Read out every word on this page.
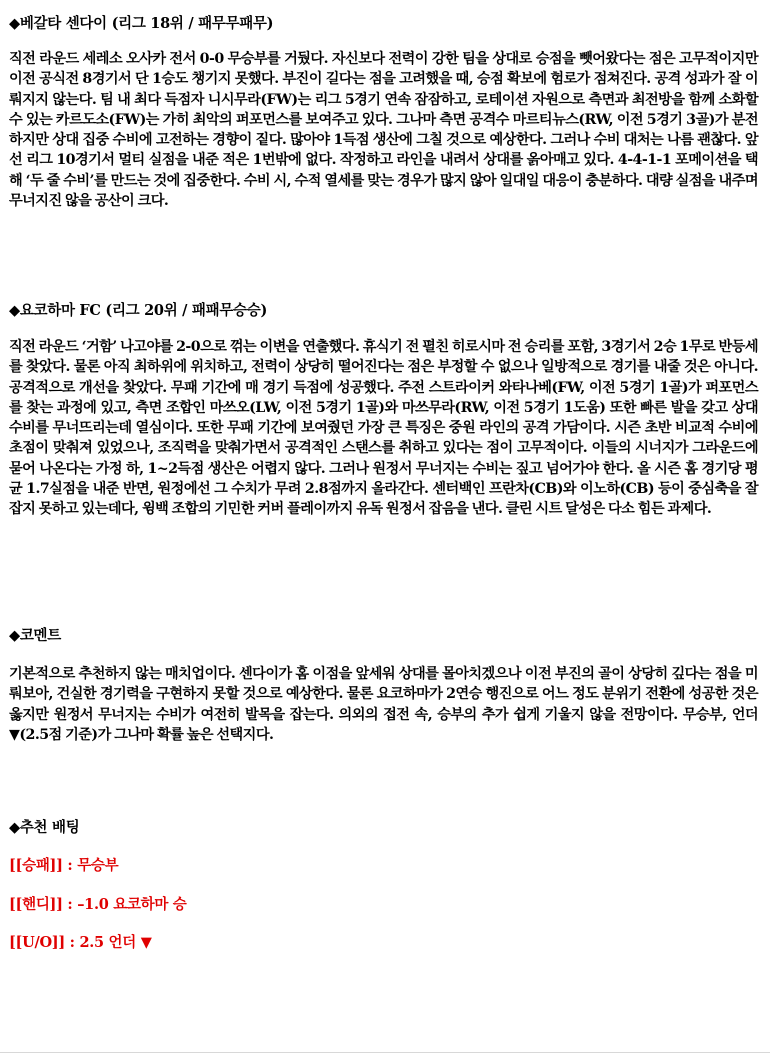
◆베갈타 센다이 (리그 18위 / 패무무패무)
직전 라운드 세레소 오사카 전서 0-0 무승부를 거뒀다. 자신보다 전력이 강한 팀을 상대로 승점을 뺏어왔다는 점은 고무적이지만 이전 공식전 8경기서 단 1승도 챙기지 못했다. 부진이 길다는 점을 고려했을 때, 승점 확보에 험로가 점쳐진다. 공격 성과가 잘 이뤄지지 않는다. 팀 내 최다 득점자 니시무라(FW)는 리그 5경기 연속 잠잠하고, 로테이션 자원으로 측면과 최전방을 함께 소화할 수 있는 카르도소(FW)는 가히 최악의 퍼포먼스를 보여주고 있다. 그나마 측면 공격수 마르티뉴스(RW, 이전 5경기 3골)가 분전하지만 상대 집중 수비에 고전하는 경향이 짙다. 많아야 1득점 생산에 그칠 것으로 예상한다. 그러나 수비 대처는 나름 괜찮다. 앞선 리그 10경기서 멀티 실점을 내준 적은 1번밖에 없다. 작정하고 라인을 내려서 상대를 옭아매고 있다. 4-4-1-1 포메이션을 택해 ‘두 줄 수비’를 만드는 것에 집중한다. 수비 시, 수적 열세를 맞는 경우가 많지 않아 일대일 대응이 충분하다. 대량 실점을 내주며 무너지진 않을 공산이 크다.
◆요코하마 FC (리그 20위 / 패패무승승)
직전 라운드 ‘거함’ 나고야를 2-0으로 꺾는 이변을 연출했다. 휴식기 전 펼친 히로시마 전 승리를 포함, 3경기서 2승 1무로 반등세를 찾았다. 물론 아직 최하위에 위치하고, 전력이 상당히 떨어진다는 점은 부정할 수 없으나 일방적으로 경기를 내줄 것은 아니다. 공격적으로 개선을 찾았다. 무패 기간에 매 경기 득점에 성공했다. 주전 스트라이커 와타나베(FW, 이전 5경기 1골)가 퍼포먼스를 찾는 과정에 있고, 측면 조합인 마쓰오(LW, 이전 5경기 1골)와 마쓰무라(RW, 이전 5경기 1도움) 또한 빠른 발을 갖고 상대 수비를 무너뜨리는데 열심이다. 또한 무패 기간에 보여줬던 가장 큰 특징은 중원 라인의 공격 가담이다. 시즌 초반 비교적 수비에 초점이 맞춰져 있었으나, 조직력을 맞춰가면서 공격적인 스탠스를 취하고 있다는 점이 고무적이다. 이들의 시너지가 그라운드에 묻어 나온다는 가정 하, 1~2득점 생산은 어렵지 않다. 그러나 원정서 무너지는 수비는 짚고 넘어가야 한다. 올 시즌 홈 경기당 평균 1.7실점을 내준 반면, 원정에선 그 수치가 무려 2.8점까지 올라간다. 센터백인 프란차(CB)와 이노하(CB) 등이 중심축을 잘 잡지 못하고 있는데다, 윙백 조합의 기민한 커버 플레이까지 유독 원정서 잡음을 낸다. 클린 시트 달성은 다소 힘든 과제다.
◆코멘트
기본적으로 추천하지 않는 매치업이다. 센다이가 홈 이점을 앞세워 상대를 몰아치겠으나 이전 부진의 골이 상당히 깊다는 점을 미뤄보아, 건실한 경기력을 구현하지 못할 것으로 예상한다. 물론 요코하마가 2연승 행진으로 어느 정도 분위기 전환에 성공한 것은 옳지만 원정서 무너지는 수비가 여전히 발목을 잡는다. 의외의 접전 속, 승부의 추가 쉽게 기울지 않을 전망이다. 무승부, 언더 ▼(2.5점 기준)가 그나마 확률 높은 선택지다.
◆추천 배팅
[[승패]] : 무승부
[[핸디]] : –1.0 요코하마 승
[[U/O]] : 2.5 언더 ▼
